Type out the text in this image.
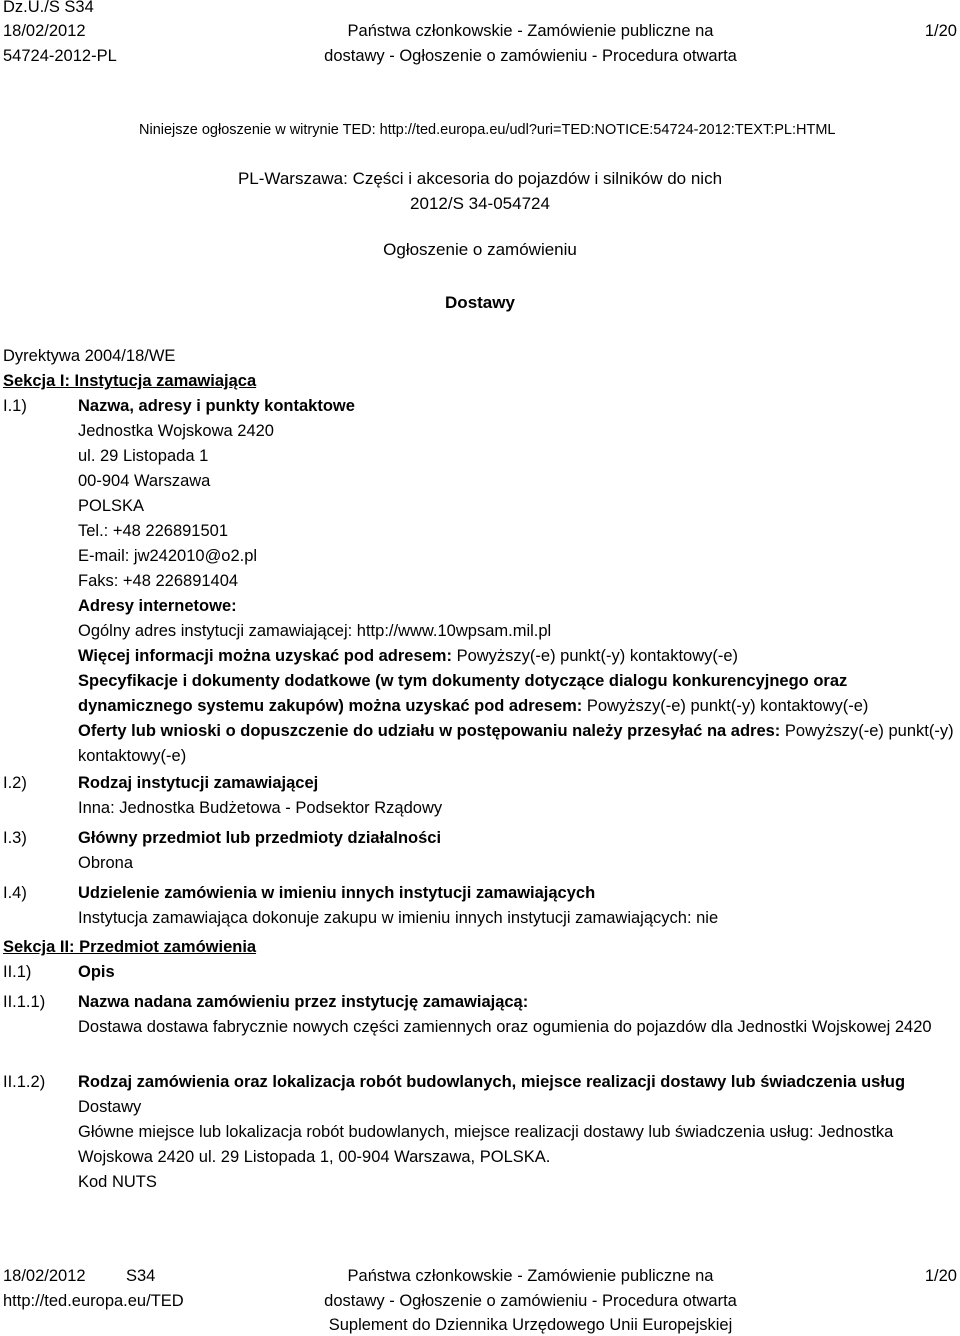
Dz.U./S S34
18/02/2012
54724-2012-PL
Państwa członkowskie - Zamówienie publiczne na
dostawy - Ogłoszenie o zamówieniu - Procedura otwarta
1/20
Niniejsze ogłoszenie w witrynie TED: http://ted.europa.eu/udl?uri=TED:NOTICE:54724-2012:TEXT:PL:HTML
PL-Warszawa: Części i akcesoria do pojazdów i silników do nich
2012/S 34-054724
Ogłoszenie o zamówieniu
Dostawy
Dyrektywa 2004/18/WE
Sekcja I: Instytucja zamawiająca
I.1)	Nazwa, adresy i punkty kontaktowe
Jednostka Wojskowa 2420
ul. 29 Listopada 1
00-904 Warszawa
POLSKA
Tel.: +48 226891501
E-mail: jw242010@o2.pl
Faks: +48 226891404
Adresy internetowe:
Ogólny adres instytucji zamawiającej: http://www.10wpsam.mil.pl
Więcej informacji można uzyskać pod adresem: Powyższy(-e) punkt(-y) kontaktowy(-e)
Specyfikacje i dokumenty dodatkowe (w tym dokumenty dotyczące dialogu konkurencyjnego oraz dynamicznego systemu zakupów) można uzyskać pod adresem: Powyższy(-e) punkt(-y) kontaktowy(-e)
Oferty lub wnioski o dopuszczenie do udziału w postępowaniu należy przesyłać na adres: Powyższy(-e) punkt(-y) kontaktowy(-e)
I.2)	Rodzaj instytucji zamawiającej
Inna: Jednostka Budżetowa - Podsektor Rządowy
I.3)	Główny przedmiot lub przedmioty działalności
Obrona
I.4)	Udzielenie zamówienia w imieniu innych instytucji zamawiających
Instytucja zamawiająca dokonuje zakupu w imieniu innych instytucji zamawiających: nie
Sekcja II: Przedmiot zamówienia
II.1)	Opis
II.1.1) Nazwa nadana zamówieniu przez instytucję zamawiającą:
Dostawa dostawa fabrycznie nowych części zamiennych oraz ogumienia do pojazdów dla Jednostki Wojskowej 2420
II.1.2) Rodzaj zamówienia oraz lokalizacja robót budowlanych, miejsce realizacji dostawy lub świadczenia usług
Dostawy
Główne miejsce lub lokalizacja robót budowlanych, miejsce realizacji dostawy lub świadczenia usług: Jednostka Wojskowa 2420 ul. 29 Listopada 1, 00-904 Warszawa, POLSKA.
Kod NUTS
18/02/2012 S34
http://ted.europa.eu/TED
Państwa członkowskie - Zamówienie publiczne na
dostawy - Ogłoszenie o zamówieniu - Procedura otwarta
Suplement do Dziennika Urzędowego Unii Europejskiej
1/20
